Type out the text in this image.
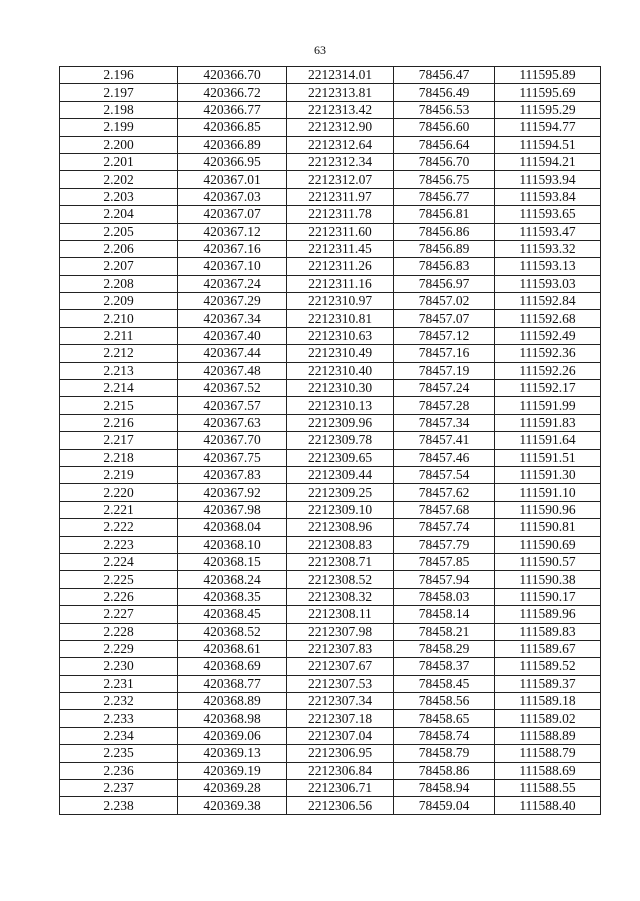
63
2.196	420366.70	2212314.01	78456.47	111595.89
2.197	420366.72	2212313.81	78456.49	111595.69
2.198	420366.77	2212313.42	78456.53	111595.29
2.199	420366.85	2212312.90	78456.60	111594.77
2.200	420366.89	2212312.64	78456.64	111594.51
2.201	420366.95	2212312.34	78456.70	111594.21
2.202	420367.01	2212312.07	78456.75	111593.94
2.203	420367.03	2212311.97	78456.77	111593.84
2.204	420367.07	2212311.78	78456.81	111593.65
2.205	420367.12	2212311.60	78456.86	111593.47
2.206	420367.16	2212311.45	78456.89	111593.32
2.207	420367.10	2212311.26	78456.83	111593.13
2.208	420367.24	2212311.16	78456.97	111593.03
2.209	420367.29	2212310.97	78457.02	111592.84
2.210	420367.34	2212310.81	78457.07	111592.68
2.211	420367.40	2212310.63	78457.12	111592.49
2.212	420367.44	2212310.49	78457.16	111592.36
2.213	420367.48	2212310.40	78457.19	111592.26
2.214	420367.52	2212310.30	78457.24	111592.17
2.215	420367.57	2212310.13	78457.28	111591.99
2.216	420367.63	2212309.96	78457.34	111591.83
2.217	420367.70	2212309.78	78457.41	111591.64
2.218	420367.75	2212309.65	78457.46	111591.51
2.219	420367.83	2212309.44	78457.54	111591.30
2.220	420367.92	2212309.25	78457.62	111591.10
2.221	420367.98	2212309.10	78457.68	111590.96
2.222	420368.04	2212308.96	78457.74	111590.81
2.223	420368.10	2212308.83	78457.79	111590.69
2.224	420368.15	2212308.71	78457.85	111590.57
2.225	420368.24	2212308.52	78457.94	111590.38
2.226	420368.35	2212308.32	78458.03	111590.17
2.227	420368.45	2212308.11	78458.14	111589.96
2.228	420368.52	2212307.98	78458.21	111589.83
2.229	420368.61	2212307.83	78458.29	111589.67
2.230	420368.69	2212307.67	78458.37	111589.52
2.231	420368.77	2212307.53	78458.45	111589.37
2.232	420368.89	2212307.34	78458.56	111589.18
2.233	420368.98	2212307.18	78458.65	111589.02
2.234	420369.06	2212307.04	78458.74	111588.89
2.235	420369.13	2212306.95	78458.79	111588.79
2.236	420369.19	2212306.84	78458.86	111588.69
2.237	420369.28	2212306.71	78458.94	111588.55
2.238	420369.38	2212306.56	78459.04	111588.40
